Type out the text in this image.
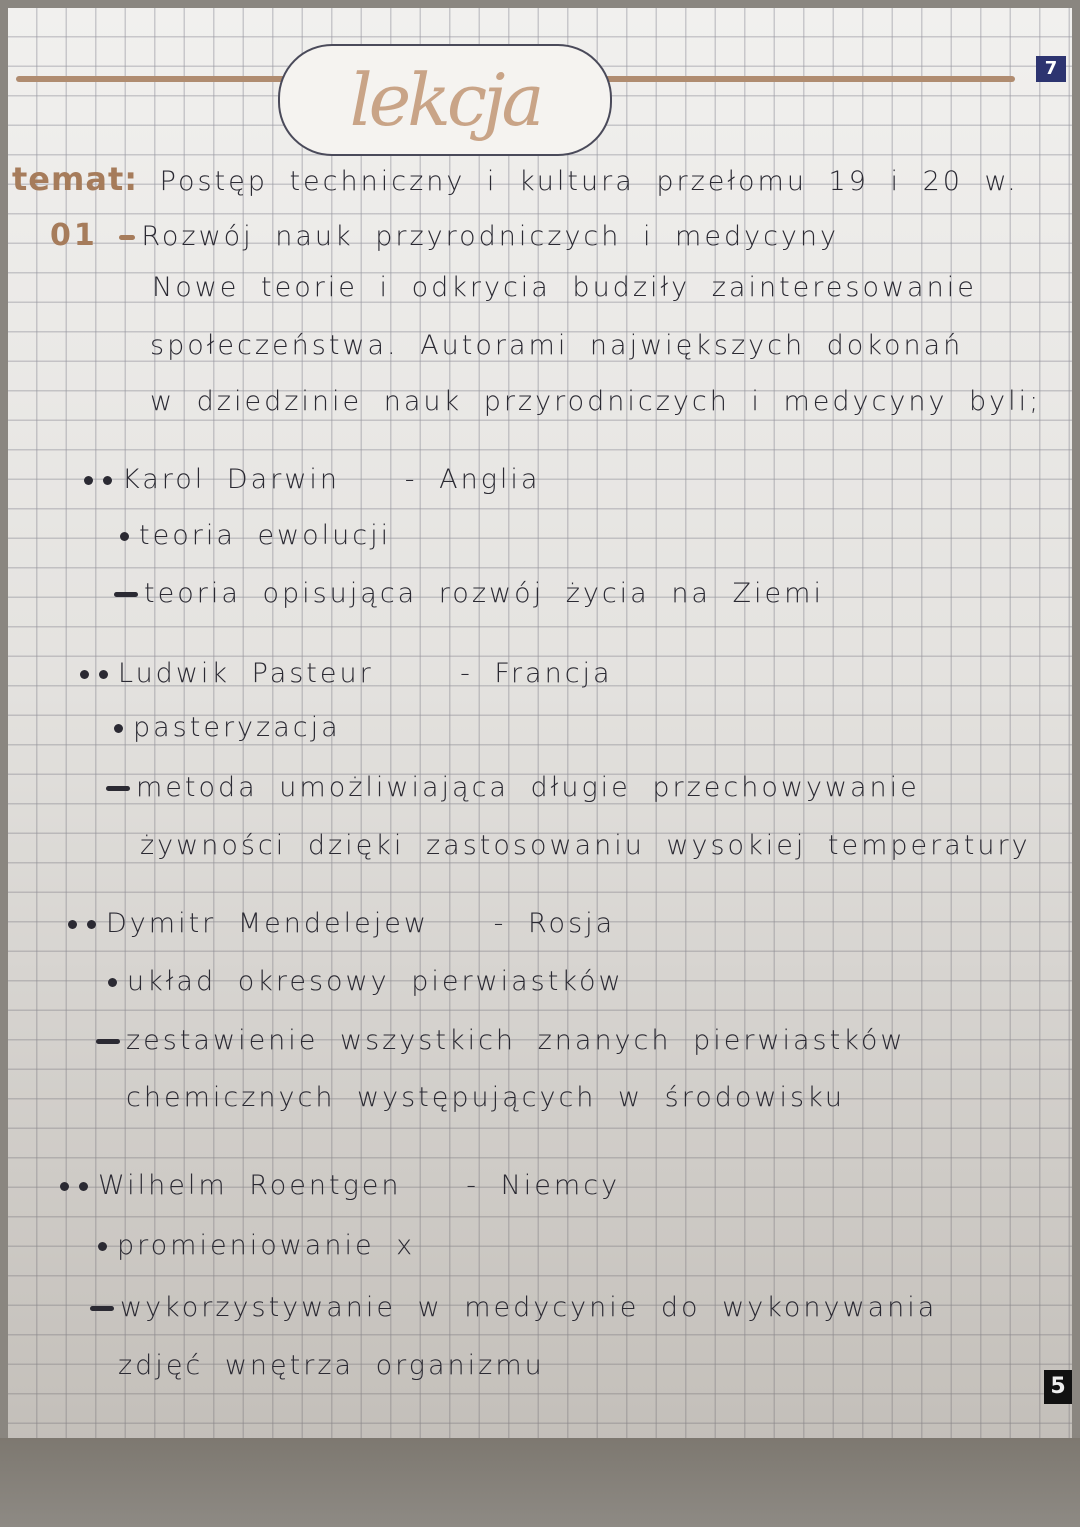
lekcja	7
5
temat: Postęp techniczny i kultura przełomu 19 i 20 w.
01 Rozwój nauk przyrodniczych i medycyny
Nowe teorie i odkrycia budziły zainteresowanie
społeczeństwa. Autorami największych dokonań
w dziedzinie nauk przyrodniczych i medycyny byli;
Karol Darwin - Anglia
teoria ewolucji
teoria opisująca rozwój życia na Ziemi
Ludwik Pasteur	- Francja
pasteryzacja
metoda umożliwiająca długie przechowywanie
żywności dzięki zastosowaniu wysokiej temperatury
Dymitr Mendelejew - Rosja
układ okresowy pierwiastków
zestawienie wszystkich znanych pierwiastków
chemicznych występujących w środowisku
Wilhelm Roentgen - Niemcy
promieniowanie x
wykorzystywanie w medycynie do wykonywania
zdjęć wnętrza organizmu
